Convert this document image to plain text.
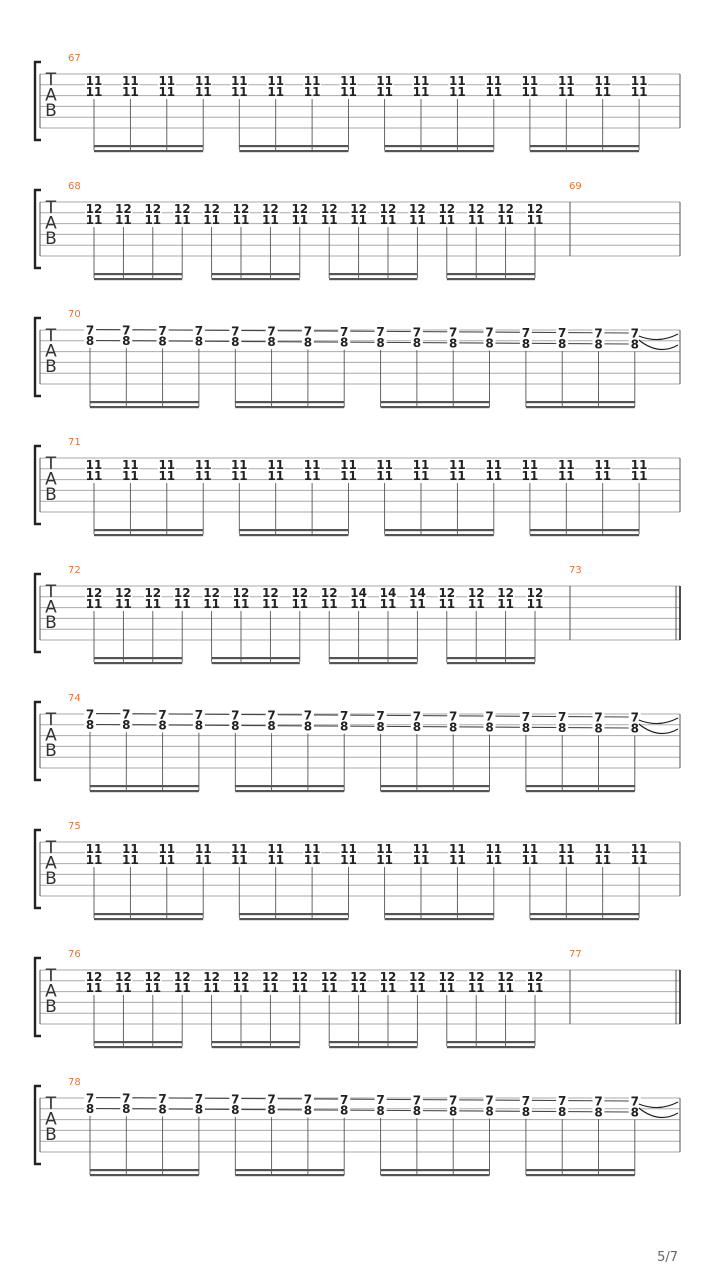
T
A
B
67
11
11
11
11
11
11
11
11
11
11
11
11
11
11
11
11
11
11
11
11
11
11
11
11
11
11
11
11
11
11
11
11
T
A
B
68
12
11
12
11
12
11
12
11
12
11
12
11
12
11
12
11
12
11
12
11
12
11
12
11
12
11
12
11
12
11
12
11
69
T
A
B
70
7
8
7
8
7
8
7
8
7
8
7
8
7
8
7
8
7
8
7
8
7
8
7
8
7
8
7
8
7
8
7
8
T
A
B
71
11
11
11
11
11
11
11
11
11
11
11
11
11
11
11
11
11
11
11
11
11
11
11
11
11
11
11
11
11
11
11
11
T
A
B
72
12
11
12
11
12
11
12
11
12
11
12
11
12
11
12
11
12
11
14
11
14
11
14
11
12
11
12
11
12
11
12
11
73
T
A
B
74
7
8
7
8
7
8
7
8
7
8
7
8
7
8
7
8
7
8
7
8
7
8
7
8
7
8
7
8
7
8
7
8
T
A
B
75
11
11
11
11
11
11
11
11
11
11
11
11
11
11
11
11
11
11
11
11
11
11
11
11
11
11
11
11
11
11
11
11
T
A
B
76
12
11
12
11
12
11
12
11
12
11
12
11
12
11
12
11
12
11
12
11
12
11
12
11
12
11
12
11
12
11
12
11
77
T
A
B
78
7
8
7
8
7
8
7
8
7
8
7
8
7
8
7
8
7
8
7
8
7
8
7
8
7
8
7
8
7
8
7
8
5/7
